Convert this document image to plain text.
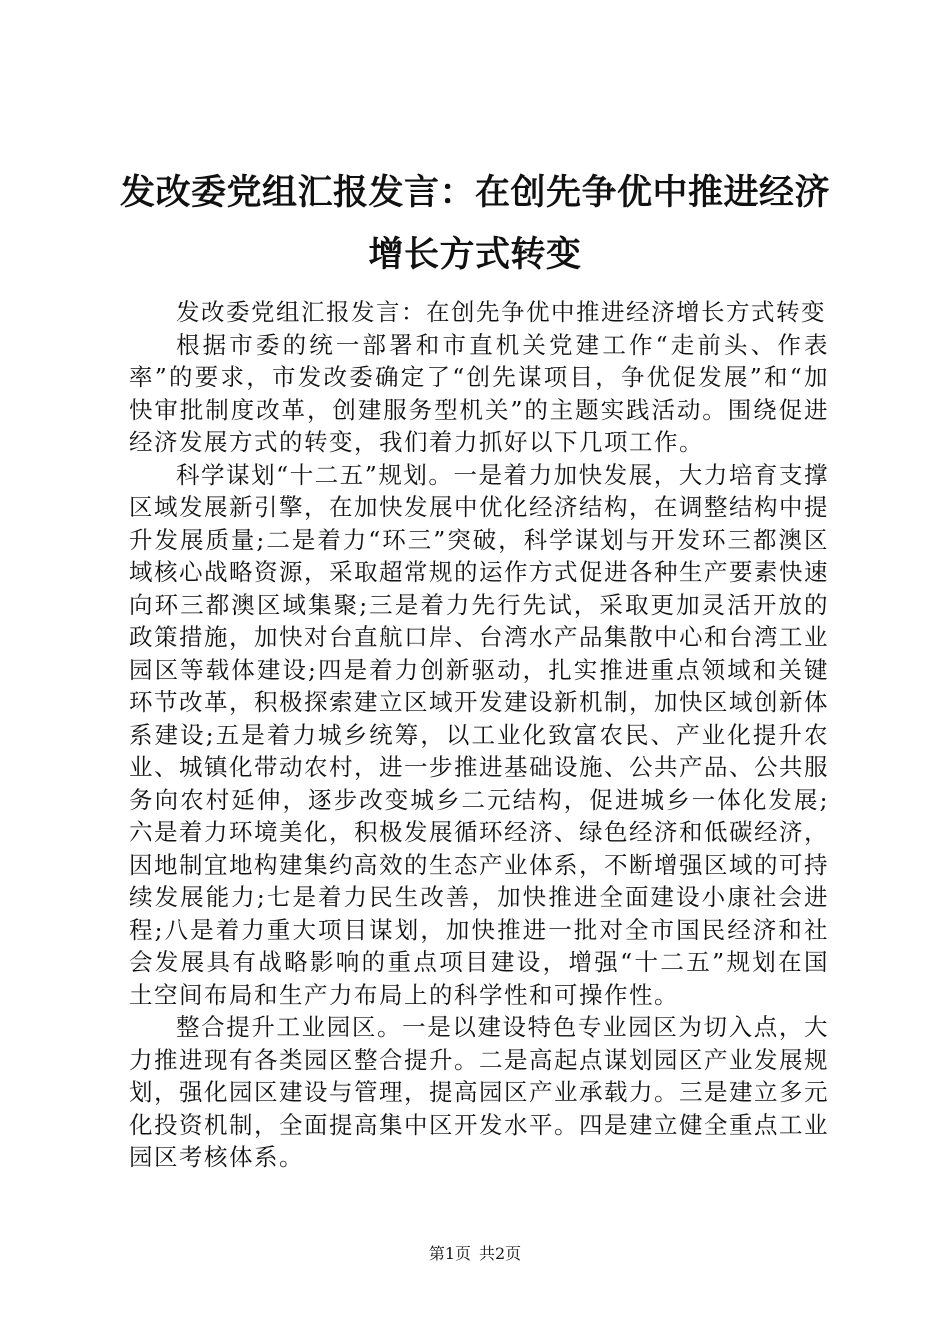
发改委党组汇报发言：在创先争优中推进经济增长方式转变

发改委党组汇报发言：在创先争优中推进经济增长方式转变

根据市委的统一部署和市直机关党建工作“走前头、作表率”的要求，市发改委确定了“创先谋项目，争优促发展”和“加快审批制度改革，创建服务型机关”的主题实践活动。围绕促进经济发展方式的转变，我们着力抓好以下几项工作。

科学谋划“十二五”规划。一是着力加快发展，大力培育支撑区域发展新引擎，在加快发展中优化经济结构，在调整结构中提升发展质量;二是着力“环三”突破，科学谋划与开发环三都澳区域核心战略资源，采取超常规的运作方式促进各种生产要素快速向环三都澳区域集聚;三是着力先行先试，采取更加灵活开放的政策措施，加快对台直航口岸、台湾水产品集散中心和台湾工业园区等载体建设;四是着力创新驱动，扎实推进重点领域和关键环节改革，积极探索建立区域开发建设新机制，加快区域创新体系建设;五是着力城乡统筹，以工业化致富农民、产业化提升农业、城镇化带动农村，进一步推进基础设施、公共产品、公共服务向农村延伸，逐步改变城乡二元结构，促进城乡一体化发展;六是着力环境美化，积极发展循环经济、绿色经济和低碳经济，因地制宜地构建集约高效的生态产业体系，不断增强区域的可持续发展能力;七是着力民生改善，加快推进全面建设小康社会进程;八是着力重大项目谋划，加快推进一批对全市国民经济和社会发展具有战略影响的重点项目建设，增强“十二五”规划在国土空间布局和生产力布局上的科学性和可操作性。

整合提升工业园区。一是以建设特色专业园区为切入点，大力推进现有各类园区整合提升。二是高起点谋划园区产业发展规划，强化园区建设与管理，提高园区产业承载力。三是建立多元化投资机制，全面提高集中区开发水平。四是建立健全重点工业园区考核体系。

第1页 共2页
